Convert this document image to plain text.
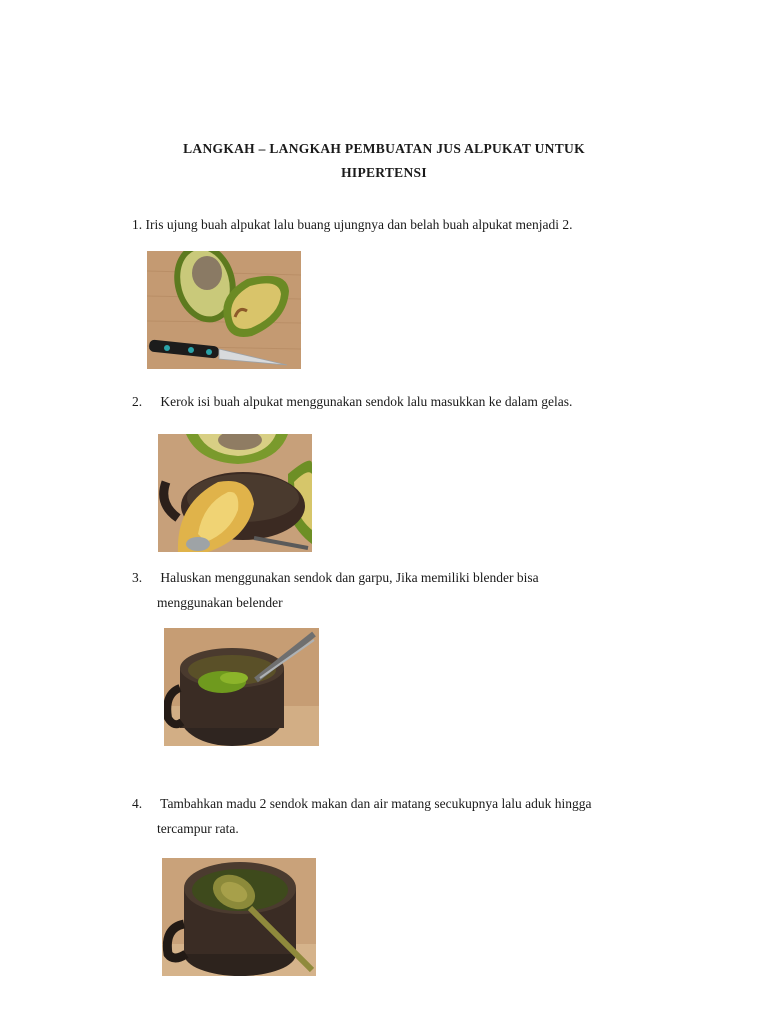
LANGKAH – LANGKAH PEMBUATAN JUS ALPUKAT UNTUK
HIPERTENSI
1. Iris ujung buah alpukat lalu buang ujungnya dan belah buah alpukat menjadi 2.
2. Kerok isi buah alpukat menggunakan sendok lalu masukkan ke dalam gelas.
3. Haluskan menggunakan sendok dan garpu, Jika memiliki blender bisa
menggunakan belender
4. Tambahkan madu 2 sendok makan dan air matang secukupnya lalu aduk hingga
tercampur rata.
